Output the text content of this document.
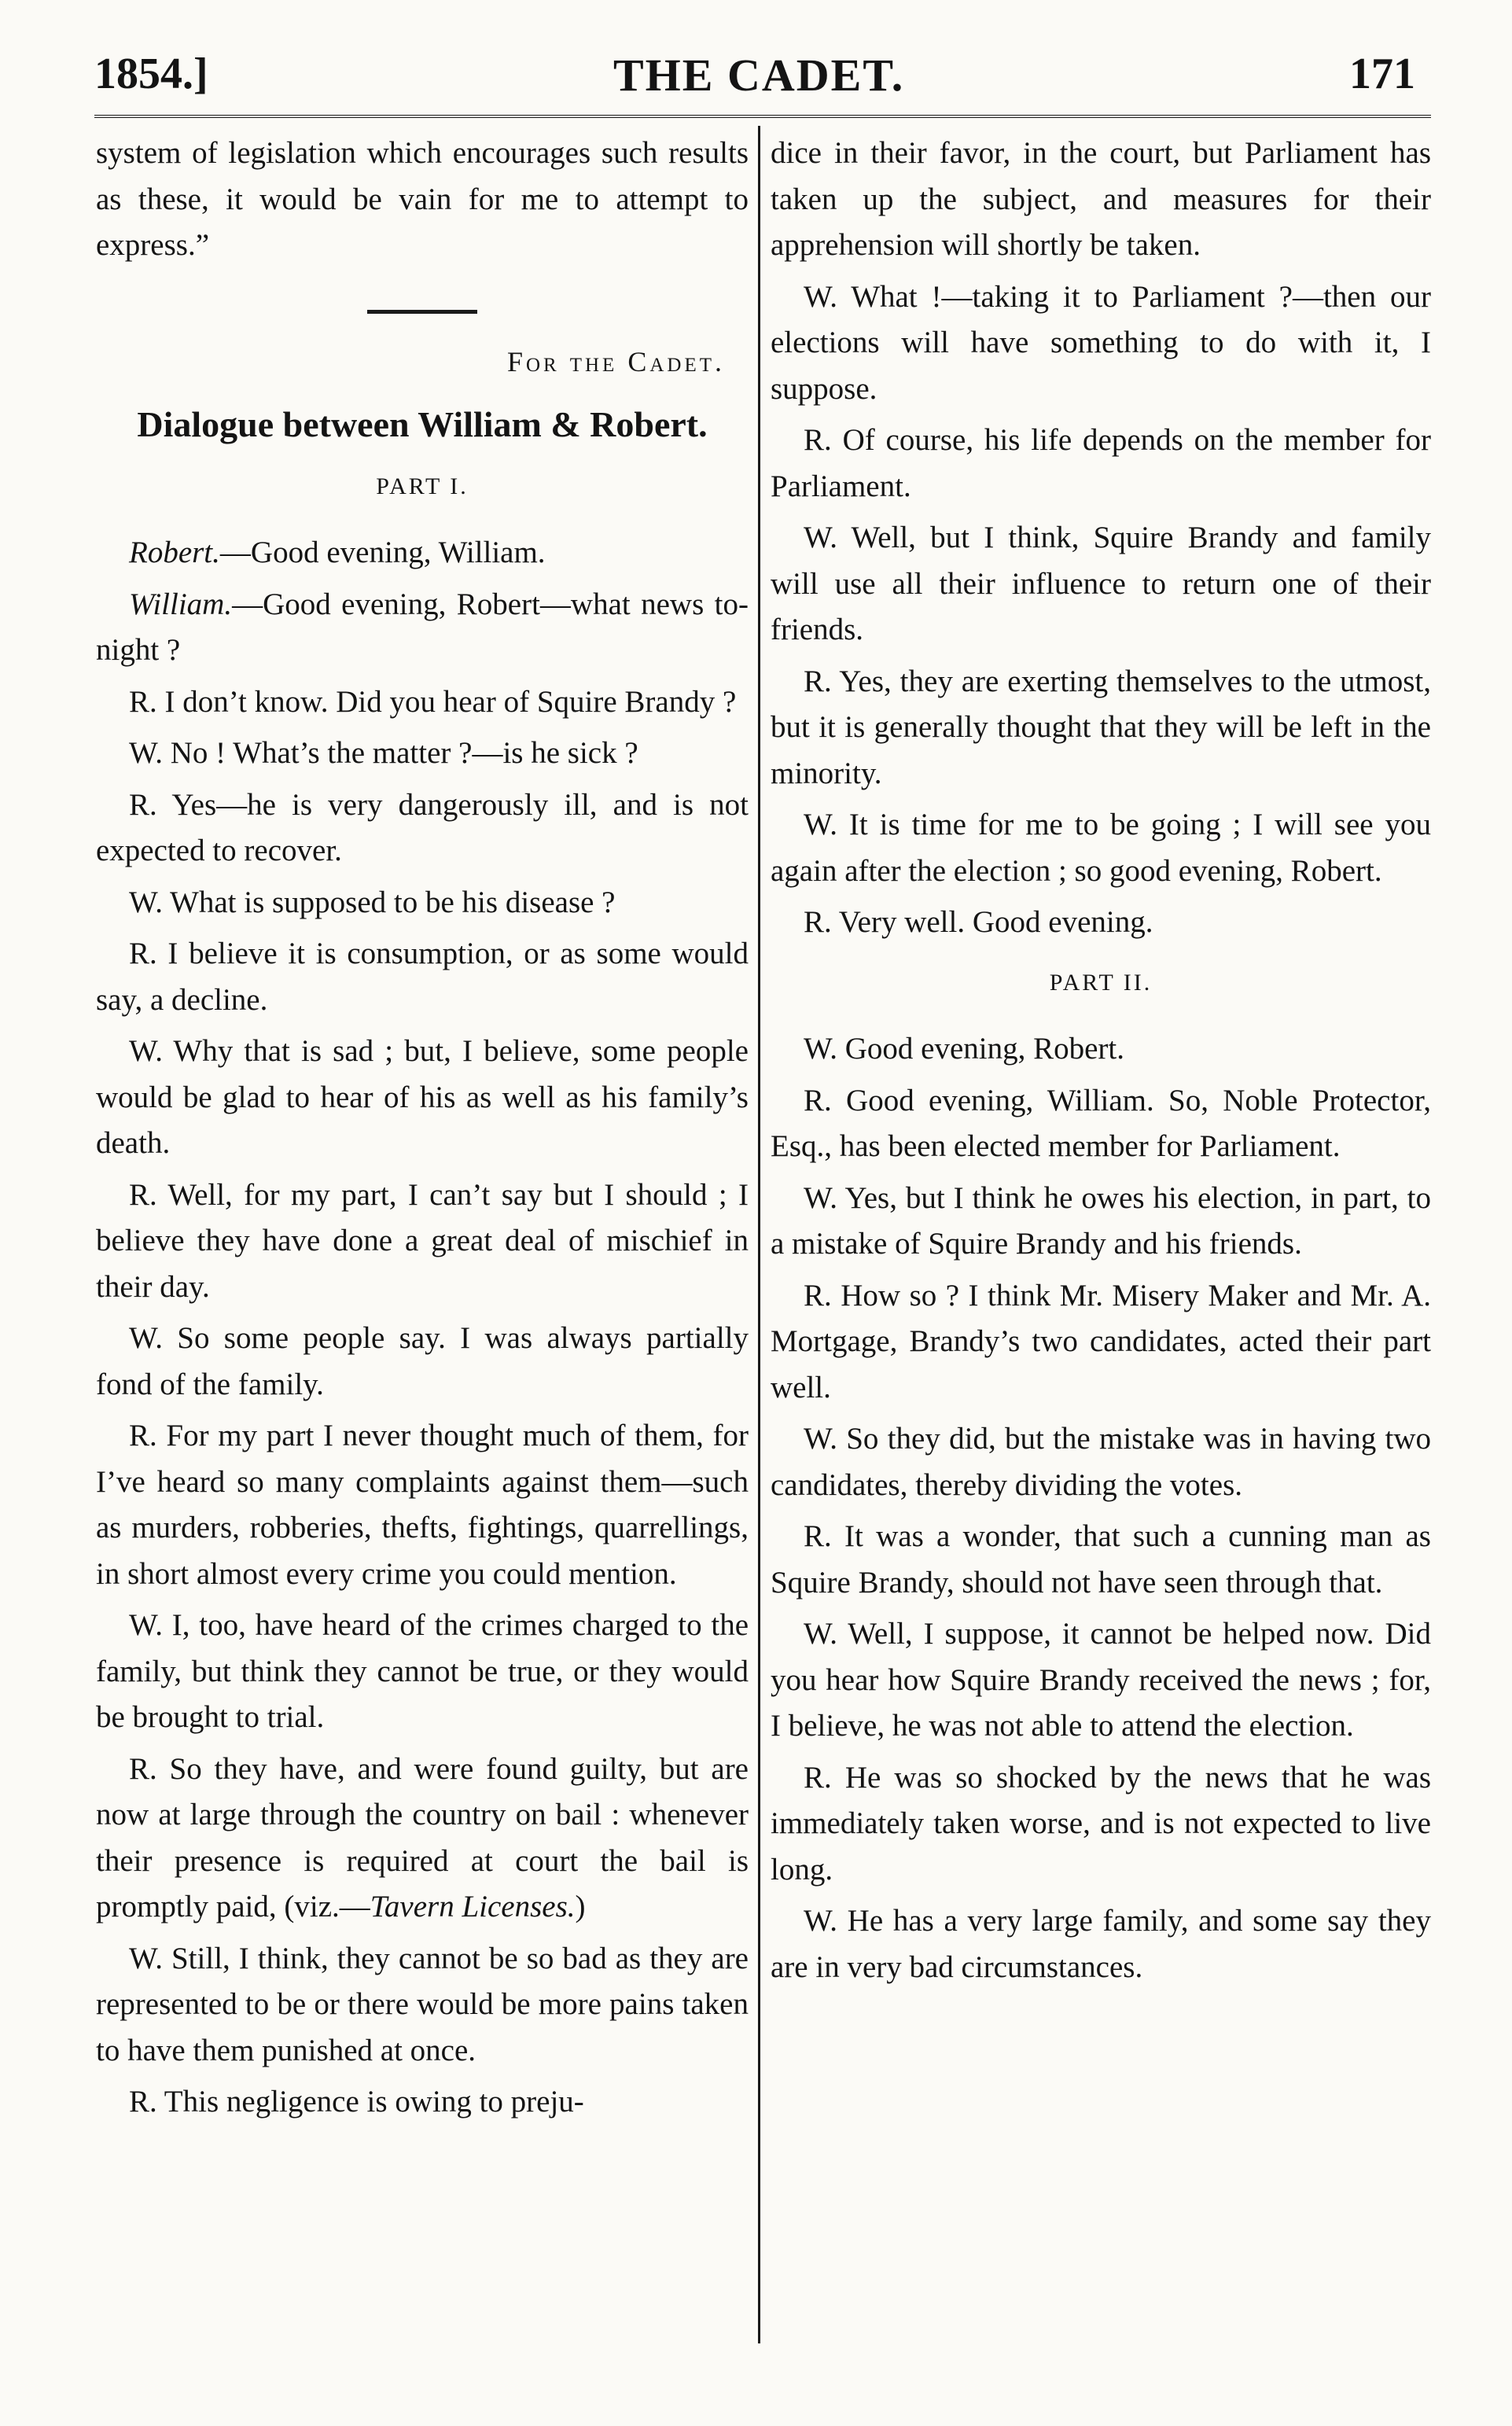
1854.]	THE CADET.	171

system of legislation which encourages such results as these, it would be vain for me to attempt to express.”

For the Cadet.
Dialogue between William & Robert.
PART I.

Robert.—Good evening, William.

William.—Good evening, Robert—what news to-night ?

R. I don’t know. Did you hear of Squire Brandy ?

W. No ! What’s the matter ?—is he sick ?

R. Yes—he is very dangerously ill, and is not expected to recover.

W. What is supposed to be his disease ?

R. I believe it is consumption, or as some would say, a decline.

W. Why that is sad ; but, I believe, some people would be glad to hear of his as well as his family’s death.

R. Well, for my part, I can’t say but I should ; I believe they have done a great deal of mischief in their day.

W. So some people say. I was always partially fond of the family.

R. For my part I never thought much of them, for I’ve heard so many complaints against them—such as murders, robberies, thefts, fightings, quarrellings, in short almost every crime you could mention.

W. I, too, have heard of the crimes charged to the family, but think they cannot be true, or they would be brought to trial.

R. So they have, and were found guilty, but are now at large through the country on bail : whenever their presence is required at court the bail is promptly paid, (viz.—Tavern Licenses.)

W. Still, I think, they cannot be so bad as they are represented to be or there would be more pains taken to have them punished at once.

R. This negligence is owing to preju-

dice in their favor, in the court, but Parliament has taken up the subject, and measures for their apprehension will shortly be taken.

W. What !—taking it to Parliament ?—then our elections will have something to do with it, I suppose.

R. Of course, his life depends on the member for Parliament.

W. Well, but I think, Squire Brandy and family will use all their influence to return one of their friends.

R. Yes, they are exerting themselves to the utmost, but it is generally thought that they will be left in the minority.

W. It is time for me to be going ; I will see you again after the election ; so good evening, Robert.

R. Very well. Good evening.

PART II.

W. Good evening, Robert.

R. Good evening, William. So, Noble Protector, Esq., has been elected member for Parliament.

W. Yes, but I think he owes his election, in part, to a mistake of Squire Brandy and his friends.

R. How so ? I think Mr. Misery Maker and Mr. A. Mortgage, Brandy’s two candidates, acted their part well.

W. So they did, but the mistake was in having two candidates, thereby dividing the votes.

R. It was a wonder, that such a cunning man as Squire Brandy, should not have seen through that.

W. Well, I suppose, it cannot be helped now. Did you hear how Squire Brandy received the news ; for, I believe, he was not able to attend the election.

R. He was so shocked by the news that he was immediately taken worse, and is not expected to live long.

W. He has a very large family, and some say they are in very bad circumstances.
